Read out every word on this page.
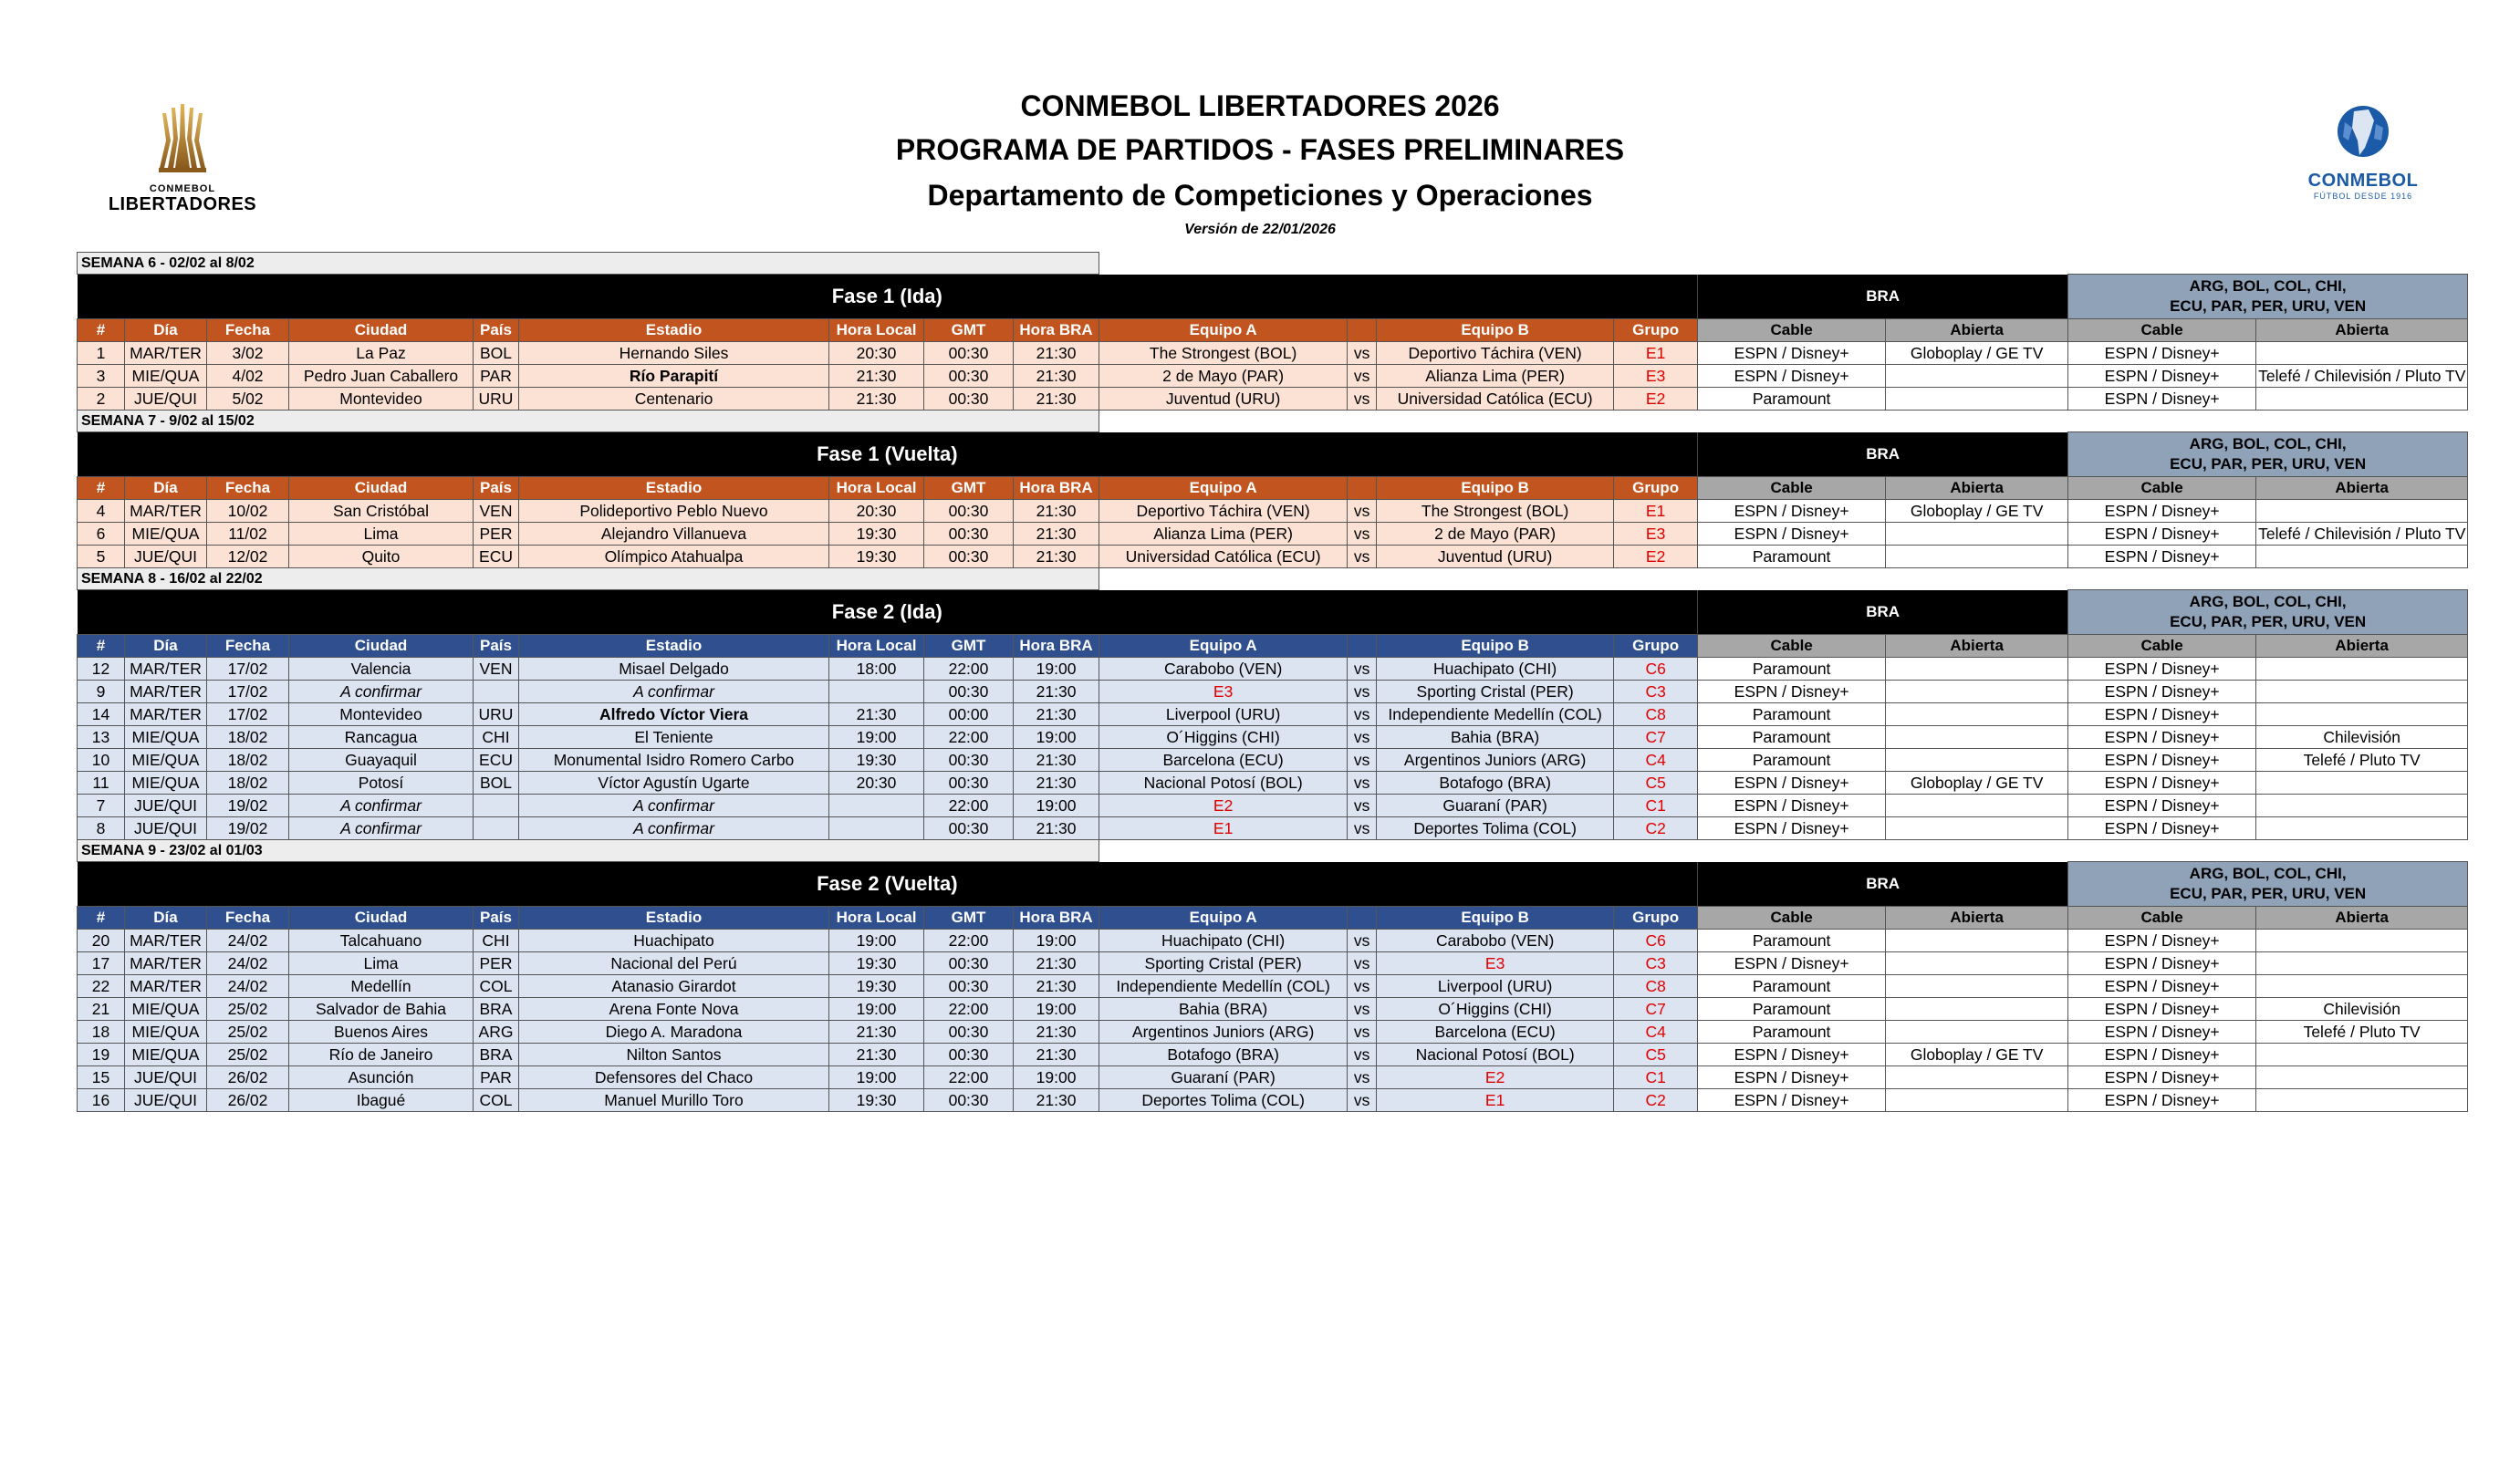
CONMEBOL LIBERTADORES 2026
PROGRAMA DE PARTIDOS - FASES PRELIMINARES
Departamento de Competiciones y Operaciones
Versión de 22/01/2026
CONMEBOL
LIBERTADORES
CONMEBOL
FÚTBOL DESDE 1916
SEMANA 6 - 02/02 al 8/02																
Fase 1 (Ida)													BRA		ARG, BOL, COL, CHI,
ECU, PAR, PER, URU, VEN	

#	Día	Fecha	Ciudad	País	Estadio	Hora Local	GMT	Hora BRA	Equipo A		Equipo B	Grupo	Cable	Abierta	Cable	Abierta
1	MAR/TER	3/02	La Paz	BOL	Hernando Siles	20:30	00:30	21:30	The Strongest (BOL)	vs	Deportivo Táchira (VEN)	E1	ESPN / Disney+	Globoplay / GE TV	ESPN / Disney+	
3	MIE/QUA	4/02	Pedro Juan Caballero	PAR	Río Parapití	21:30	00:30	21:30	2 de Mayo (PAR)	vs	Alianza Lima (PER)	E3	ESPN / Disney+		ESPN / Disney+	Telefé / Chilevisión / Pluto TV
2	JUE/QUI	5/02	Montevideo	URU	Centenario	21:30	00:30	21:30	Juventud (URU)	vs	Universidad Católica (ECU)	E2	Paramount		ESPN / Disney+	
SEMANA 7 - 9/02 al 15/02																
Fase 1 (Vuelta)													BRA		ARG, BOL, COL, CHI,
ECU, PAR, PER, URU, VEN	

#	Día	Fecha	Ciudad	País	Estadio	Hora Local	GMT	Hora BRA	Equipo A		Equipo B	Grupo	Cable	Abierta	Cable	Abierta
4	MAR/TER	10/02	San Cristóbal	VEN	Polideportivo Peblo Nuevo	20:30	00:30	21:30	Deportivo Táchira (VEN)	vs	The Strongest (BOL)	E1	ESPN / Disney+	Globoplay / GE TV	ESPN / Disney+	
6	MIE/QUA	11/02	Lima	PER	Alejandro Villanueva	19:30	00:30	21:30	Alianza Lima (PER)	vs	2 de Mayo (PAR)	E3	ESPN / Disney+		ESPN / Disney+	Telefé / Chilevisión / Pluto TV
5	JUE/QUI	12/02	Quito	ECU	Olímpico Atahualpa	19:30	00:30	21:30	Universidad Católica (ECU)	vs	Juventud (URU)	E2	Paramount		ESPN / Disney+	
SEMANA 8 - 16/02 al 22/02																
Fase 2 (Ida)													BRA		ARG, BOL, COL, CHI,
ECU, PAR, PER, URU, VEN	

#	Día	Fecha	Ciudad	País	Estadio	Hora Local	GMT	Hora BRA	Equipo A		Equipo B	Grupo	Cable	Abierta	Cable	Abierta
12	MAR/TER	17/02	Valencia	VEN	Misael Delgado	18:00	22:00	19:00	Carabobo (VEN)	vs	Huachipato (CHI)	C6	Paramount		ESPN / Disney+	
9	MAR/TER	17/02	A confirmar		A confirmar		00:30	21:30	E3	vs	Sporting Cristal (PER)	C3	ESPN / Disney+		ESPN / Disney+	
14	MAR/TER	17/02	Montevideo	URU	Alfredo Víctor Viera	21:30	00:00	21:30	Liverpool (URU)	vs	Independiente Medellín (COL)	C8	Paramount		ESPN / Disney+	
13	MIE/QUA	18/02	Rancagua	CHI	El Teniente	19:00	22:00	19:00	O´Higgins (CHI)	vs	Bahia (BRA)	C7	Paramount		ESPN / Disney+	Chilevisión
10	MIE/QUA	18/02	Guayaquil	ECU	Monumental Isidro Romero Carbo	19:30	00:30	21:30	Barcelona (ECU)	vs	Argentinos Juniors (ARG)	C4	Paramount		ESPN / Disney+	Telefé / Pluto TV
11	MIE/QUA	18/02	Potosí	BOL	Víctor Agustín Ugarte	20:30	00:30	21:30	Nacional Potosí (BOL)	vs	Botafogo (BRA)	C5	ESPN / Disney+	Globoplay / GE TV	ESPN / Disney+	
7	JUE/QUI	19/02	A confirmar		A confirmar		22:00	19:00	E2	vs	Guaraní (PAR)	C1	ESPN / Disney+		ESPN / Disney+	
8	JUE/QUI	19/02	A confirmar		A confirmar		00:30	21:30	E1	vs	Deportes Tolima (COL)	C2	ESPN / Disney+		ESPN / Disney+	
SEMANA 9 - 23/02 al 01/03																
Fase 2 (Vuelta)													BRA		ARG, BOL, COL, CHI,
ECU, PAR, PER, URU, VEN	

#	Día	Fecha	Ciudad	País	Estadio	Hora Local	GMT	Hora BRA	Equipo A		Equipo B	Grupo	Cable	Abierta	Cable	Abierta
20	MAR/TER	24/02	Talcahuano	CHI	Huachipato	19:00	22:00	19:00	Huachipato (CHI)	vs	Carabobo (VEN)	C6	Paramount		ESPN / Disney+	
17	MAR/TER	24/02	Lima	PER	Nacional del Perú	19:30	00:30	21:30	Sporting Cristal (PER)	vs	E3	C3	ESPN / Disney+		ESPN / Disney+	
22	MAR/TER	24/02	Medellín	COL	Atanasio Girardot	19:30	00:30	21:30	Independiente Medellín (COL)	vs	Liverpool (URU)	C8	Paramount		ESPN / Disney+	
21	MIE/QUA	25/02	Salvador de Bahia	BRA	Arena Fonte Nova	19:00	22:00	19:00	Bahia (BRA)	vs	O´Higgins (CHI)	C7	Paramount		ESPN / Disney+	Chilevisión
18	MIE/QUA	25/02	Buenos Aires	ARG	Diego A. Maradona	21:30	00:30	21:30	Argentinos Juniors (ARG)	vs	Barcelona (ECU)	C4	Paramount		ESPN / Disney+	Telefé / Pluto TV
19	MIE/QUA	25/02	Río de Janeiro	BRA	Nilton Santos	21:30	00:30	21:30	Botafogo (BRA)	vs	Nacional Potosí (BOL)	C5	ESPN / Disney+	Globoplay / GE TV	ESPN / Disney+	
15	JUE/QUI	26/02	Asunción	PAR	Defensores del Chaco	19:00	22:00	19:00	Guaraní (PAR)	vs	E2	C1	ESPN / Disney+		ESPN / Disney+	
16	JUE/QUI	26/02	Ibagué	COL	Manuel Murillo Toro	19:30	00:30	21:30	Deportes Tolima (COL)	vs	E1	C2	ESPN / Disney+		ESPN / Disney+	
